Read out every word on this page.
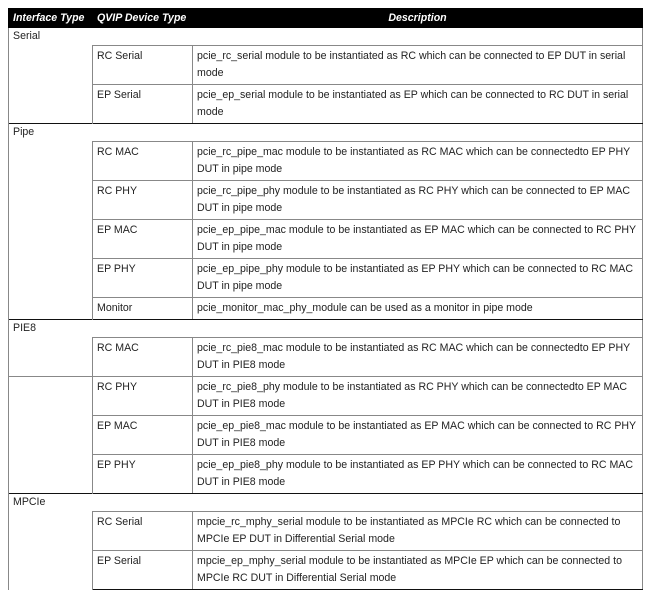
Interface Type	QVIP Device Type	Description
Serial		
	RC Serial	pcie_rc_serial module to be instantiated as RC which can be connected to EP DUT in serial mode
	EP Serial	pcie_ep_serial module to be instantiated as EP which can be connected to RC DUT in serial mode
Pipe		
	RC MAC	pcie_rc_pipe_mac module to be instantiated as RC MAC which can be connectedto EP PHY DUT in pipe mode
	RC PHY	pcie_rc_pipe_phy module to be instantiated as RC PHY which can be connected to EP MAC DUT in pipe mode
	EP MAC	pcie_ep_pipe_mac module to be instantiated as EP MAC which can be connected to RC PHY DUT in pipe mode
	EP PHY	pcie_ep_pipe_phy module to be instantiated as EP PHY which can be connected to RC MAC DUT in pipe mode
	Monitor	pcie_monitor_mac_phy_module can be used as a monitor in pipe mode
PIE8		
	RC MAC	pcie_rc_pie8_mac module to be instantiated as RC MAC which can be connectedto EP PHY DUT in PIE8 mode
	RC PHY	pcie_rc_pie8_phy module to be instantiated as RC PHY which can be connectedto EP MAC DUT in PIE8 mode
	EP MAC	pcie_ep_pie8_mac module to be instantiated as EP MAC which can be connected to RC PHY DUT in PIE8 mode
	EP PHY	pcie_ep_pie8_phy module to be instantiated as EP PHY which can be connected to RC MAC DUT in PIE8 mode
MPCIe		
	RC Serial	mpcie_rc_mphy_serial module to be instantiated as MPCIe RC which can be connected to MPCIe EP DUT in Differential Serial mode
	EP Serial	mpcie_ep_mphy_serial module to be instantiated as MPCIe EP which can be connected to MPCIe RC DUT in Differential Serial mode
